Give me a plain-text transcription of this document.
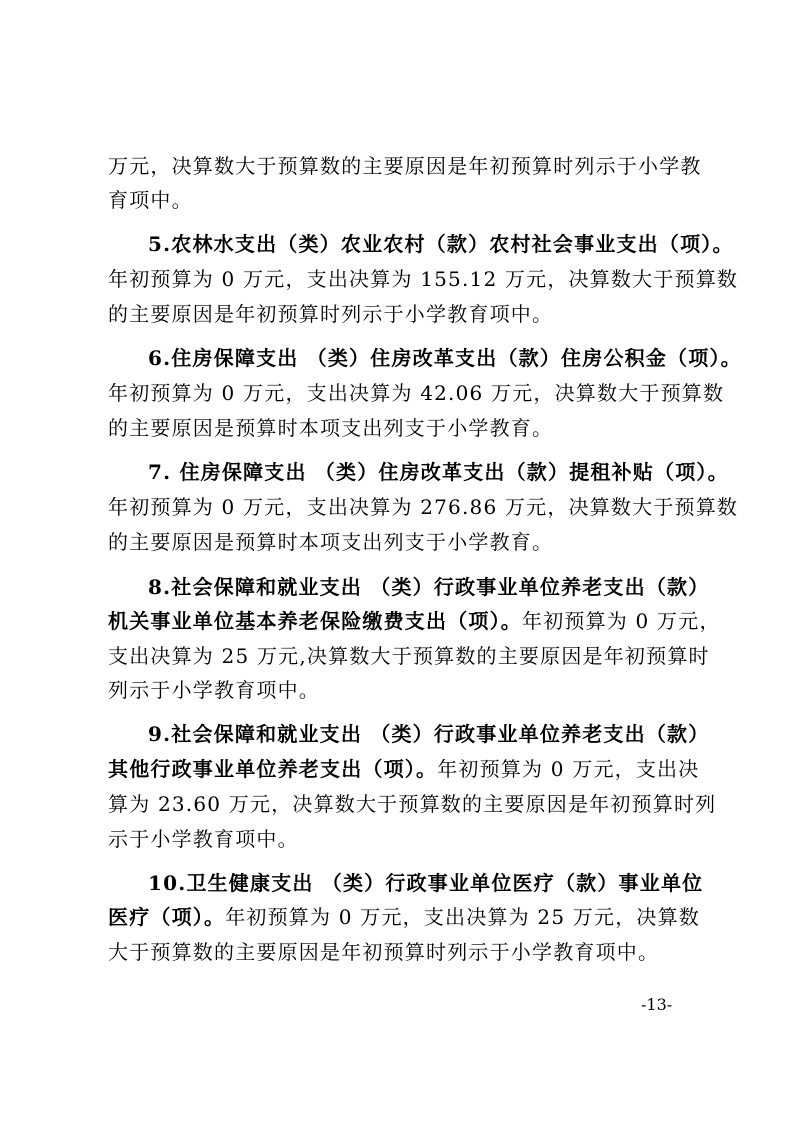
万元，决算数大于预算数的主要原因是年初预算时列示于小学教
育项中。
5.农林水支出（类）农业农村（款）农村社会事业支出（项）。
年初预算为 0 万元，支出决算为 155.12 万元，决算数大于预算数
的主要原因是年初预算时列示于小学教育项中。
6.住房保障支出 （类）住房改革支出（款）住房公积金（项）。
年初预算为 0 万元，支出决算为 42.06 万元，决算数大于预算数
的主要原因是预算时本项支出列支于小学教育。
7. 住房保障支出 （类）住房改革支出（款）提租补贴（项）。
年初预算为 0 万元，支出决算为 276.86 万元，决算数大于预算数
的主要原因是预算时本项支出列支于小学教育。
8.社会保障和就业支出 （类）行政事业单位养老支出（款）
机关事业单位基本养老保险缴费支出（项）。年初预算为 0 万元，
支出决算为 25 万元,决算数大于预算数的主要原因是年初预算时
列示于小学教育项中。
9.社会保障和就业支出 （类）行政事业单位养老支出（款）
其他行政事业单位养老支出（项）。年初预算为 0 万元，支出决
算为 23.60 万元，决算数大于预算数的主要原因是年初预算时列
示于小学教育项中。
10.卫生健康支出 （类）行政事业单位医疗（款）事业单位
医疗（项）。年初预算为 0 万元，支出决算为 25 万元，决算数
大于预算数的主要原因是年初预算时列示于小学教育项中。
-13-
